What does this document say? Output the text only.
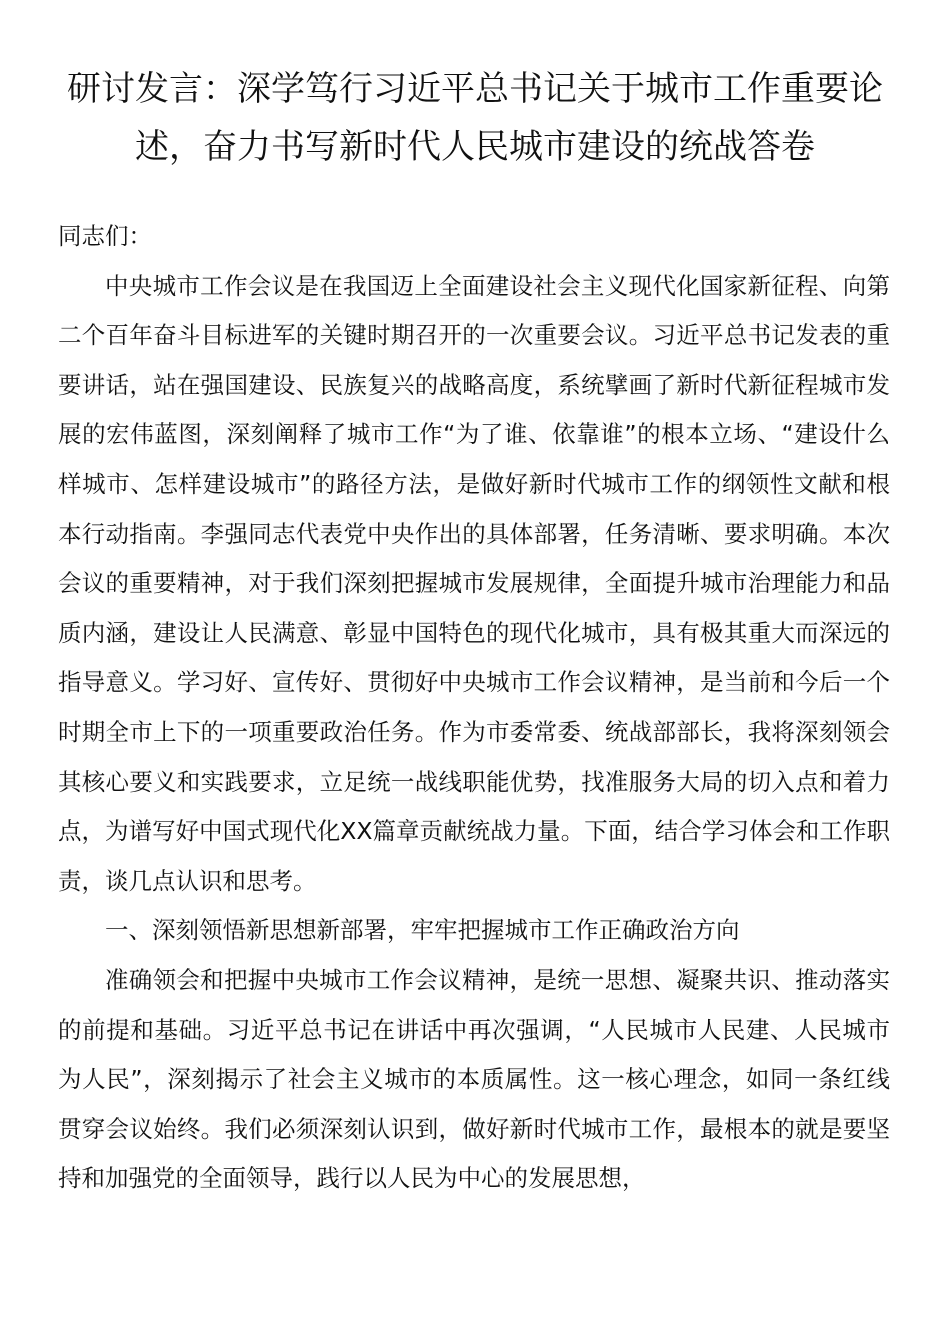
研讨发言：深学笃行习近平总书记关于城市工作重要论述，奋力书写新时代人民城市建设的统战答卷

同志们：

中央城市工作会议是在我国迈上全面建设社会主义现代化国家新征程、向第二个百年奋斗目标进军的关键时期召开的一次重要会议。习近平总书记发表的重要讲话，站在强国建设、民族复兴的战略高度，系统擘画了新时代新征程城市发展的宏伟蓝图，深刻阐释了城市工作“为了谁、依靠谁”的根本立场、“建设什么样城市、怎样建设城市”的路径方法，是做好新时代城市工作的纲领性文献和根本行动指南。李强同志代表党中央作出的具体部署，任务清晰、要求明确。本次会议的重要精神，对于我们深刻把握城市发展规律，全面提升城市治理能力和品质内涵，建设让人民满意、彰显中国特色的现代化城市，具有极其重大而深远的指导意义。学习好、宣传好、贯彻好中央城市工作会议精神，是当前和今后一个时期全市上下的一项重要政治任务。作为市委常委、统战部部长，我将深刻领会其核心要义和实践要求，立足统一战线职能优势，找准服务大局的切入点和着力点，为谱写好中国式现代化XX篇章贡献统战力量。下面，结合学习体会和工作职责，谈几点认识和思考。

一、深刻领悟新思想新部署，牢牢把握城市工作正确政治方向

准确领会和把握中央城市工作会议精神，是统一思想、凝聚共识、推动落实的前提和基础。习近平总书记在讲话中再次强调，“人民城市人民建、人民城市为人民”，深刻揭示了社会主义城市的本质属性。这一核心理念，如同一条红线贯穿会议始终。我们必须深刻认识到，做好新时代城市工作，最根本的就是要坚持和加强党的全面领导，践行以人民为中心的发展思想，
